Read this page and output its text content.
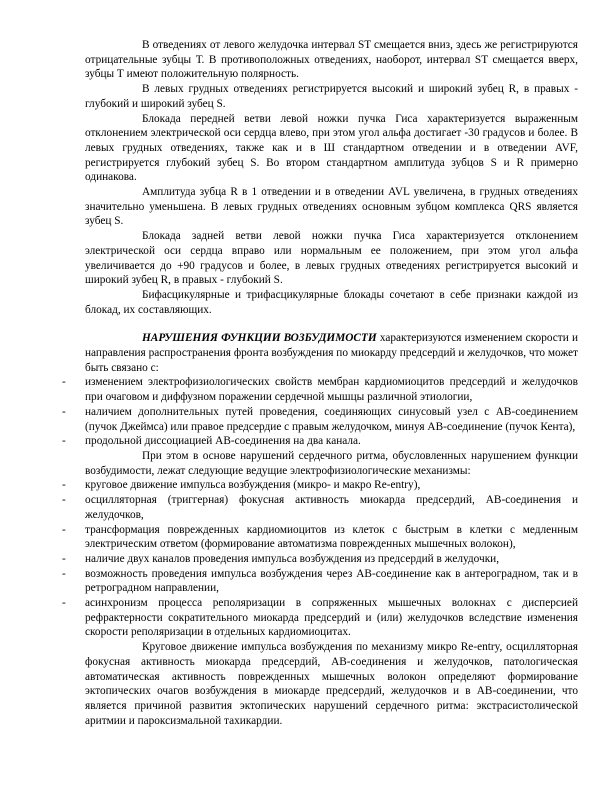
В отведениях от левого желудочка интервал ST смещается вниз, здесь же регистрируются отрицательные зубцы Т. В противоположных отведениях, наоборот, интервал ST смещается вверх, зубцы Т имеют положительную полярность.

В левых грудных отведениях регистрируется высокий и широкий зубец R, в правых - глубокий и широкий зубец S.

Блокада передней ветви левой ножки пучка Гиса характеризуется выраженным отклонением электрической оси сердца влево, при этом угол альфа достигает -30 градусов и более. В левых грудных отведениях, также как и в Ш стандартном отведении и в отведении AVF, регистрируется глубокий зубец S. Во втором стандартном амплитуда зубцов S и R примерно одинакова.

Амплитуда зубца R в 1 отведении и в отведении AVL увеличена, в грудных отведениях значительно уменьшена. В левых грудных отведениях основным зубцом комплекса QRS является зубец S.

Блокада задней ветви левой ножки пучка Гиса характеризуется отклонением электрической оси сердца вправо или нормальным ее положением, при этом угол альфа увеличивается до +90 градусов и более, в левых грудных отведениях регистрируется высокий и широкий зубец R, в правых - глубокий S.

Бифасцикулярные и трифасцикулярные блокады сочетают в себе признаки каждой из блокад, их составляющих.

НАРУШЕНИЯ ФУНКЦИИ ВОЗБУДИМОСТИ характеризуются изменением скорости и направления распространения фронта возбуждения по миокарду предсердий и желудочков, что может быть связано с:

- изменением электрофизиологических свойств мембран кардиомиоцитов предсердий и желудочков при очаговом и диффузном поражении сердечной мышцы различной этиологии,
- наличием дополнительных путей проведения, соединяющих синусовый узел с АВ-соединением (пучок Джеймса) или правое предсердие с правым желудочком, минуя АВ-соединение (пучок Кента),
- продольной диссоциацией АВ-соединения на два канала.

При этом в основе нарушений сердечного ритма, обусловленных нарушением функции возбудимости, лежат следующие ведущие электрофизиологические механизмы:

- круговое движение импульса возбуждения (микро- и макро Re-entry),
- осцилляторная (триггерная) фокусная активность миокарда предсердий, АВ-соединения и желудочков,
- трансформация поврежденных кардиомиоцитов из клеток с быстрым в клетки с медленным электрическим ответом (формирование автоматизма поврежденных мышечных волокон),
- наличие двух каналов проведения импульса возбуждения из предсердий в желудочки,
- возможность проведения импульса возбуждения через АВ-соединение как в антероградном, так и в ретроградном направлении,
- асинхронизм процесса реполяризации в сопряженных мышечных волокнах с дисперсией рефрактерности сократительного миокарда предсердий и (или) желудочков вследствие изменения скорости реполяризации в отдельных кардиомиоцитах.

Круговое движение импульса возбуждения по механизму микро Re-entry, осцилляторная фокусная активность миокарда предсердий, АВ-соединения и желудочков, патологическая автоматическая активность поврежденных мышечных волокон определяют формирование эктопических очагов возбуждения в миокарде предсердий, желудочков и в АВ-соединении, что является причиной развития эктопических нарушений сердечного ритма: экстрасистолической аритмии и пароксизмальной тахикардии.
